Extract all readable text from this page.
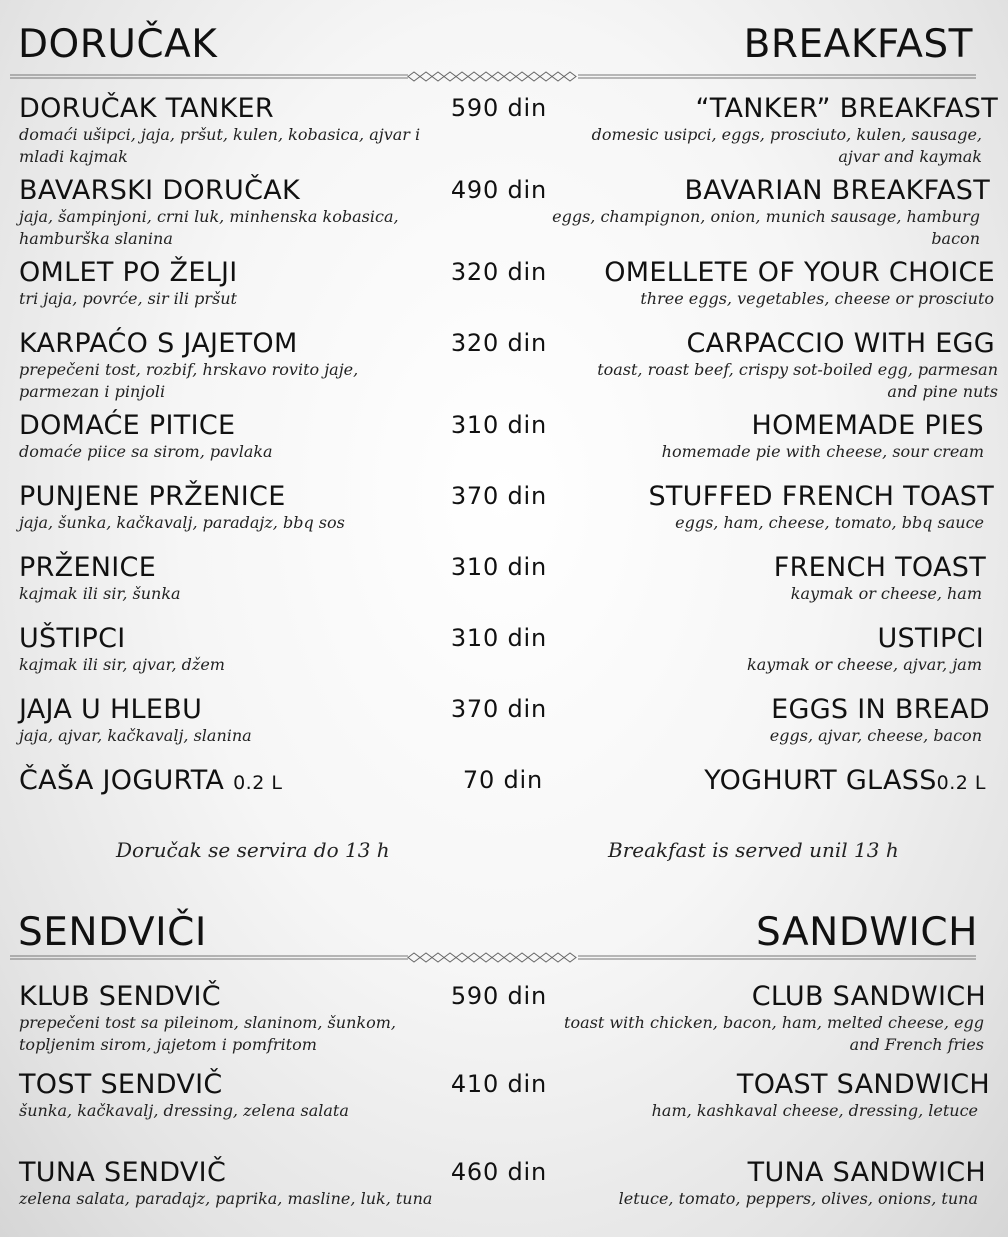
DORUČAK	BREAKFAST
DORUČAK TANKER
domaći ušipci, jaja, pršut, kulen, kobasica, ajvar i mladi kajmak
590 din	“TANKER” BREAKFAST
domesic usipci, eggs, prosciuto, kulen, sausage, ajvar and kaymak
BAVARSKI DORUČAK
jaja, šampinjoni, crni luk, minhenska kobasica, hamburška slanina
490 din	BAVARIAN BREAKFAST
eggs, champignon, onion, munich sausage, hamburg bacon
OMLET PO ŽELJI
tri jaja, povrće, sir ili pršut
320 din OMELLETE OF YOUR CHOICE
three eggs, vegetables, cheese or prosciuto
KARPAĆO S JAJETOM
prepečeni tost, rozbif, hrskavo rovito jaje, parmezan i pinjoli
320 din	CARPACCIO WITH EGG
toast, roast beef, crispy sot-boiled egg, parmesan and pine nuts
DOMAĆE PITICE
domaće piice sa sirom, pavlaka
310 din	HOMEMADE PIES
homemade pie with cheese, sour cream
PUNJENE PRŽENICE
jaja, šunka, kačkavalj, paradajz, bbq sos
370 din	STUFFED FRENCH TOAST
eggs, ham, cheese, tomato, bbq sauce
PRŽENICE
kajmak ili sir, šunka
310 din	FRENCH TOAST
kaymak or cheese, ham
UŠTIPCI
kajmak ili sir, ajvar, džem
310 din	USTIPCI
kaymak or cheese, ajvar, jam
JAJA U HLEBU
jaja, ajvar, kačkavalj, slanina
370 din	EGGS IN BREAD
eggs, ajvar, cheese, bacon
ČAŠA JOGURTA 0.2 L	70 din	YOGHURT GLASS0.2 L
Doručak se servira do 13 h	Breakfast is served unil 13 h
SENDVIČI	SANDWICH
KLUB SENDVIČ
prepečeni tost sa pileinom, slaninom, šunkom, topljenim sirom, jajetom i pomfritom
590 din	CLUB SANDWICH
toast with chicken, bacon, ham, melted cheese, egg and French fries
TOST SENDVIČ
šunka, kačkavalj, dressing, zelena salata
410 din	TOAST SANDWICH
ham, kashkaval cheese, dressing, letuce
TUNA SENDVIČ
zelena salata, paradajz, paprika, masline, luk, tuna
460 din	TUNA SANDWICH
letuce, tomato, peppers, olives, onions, tuna
